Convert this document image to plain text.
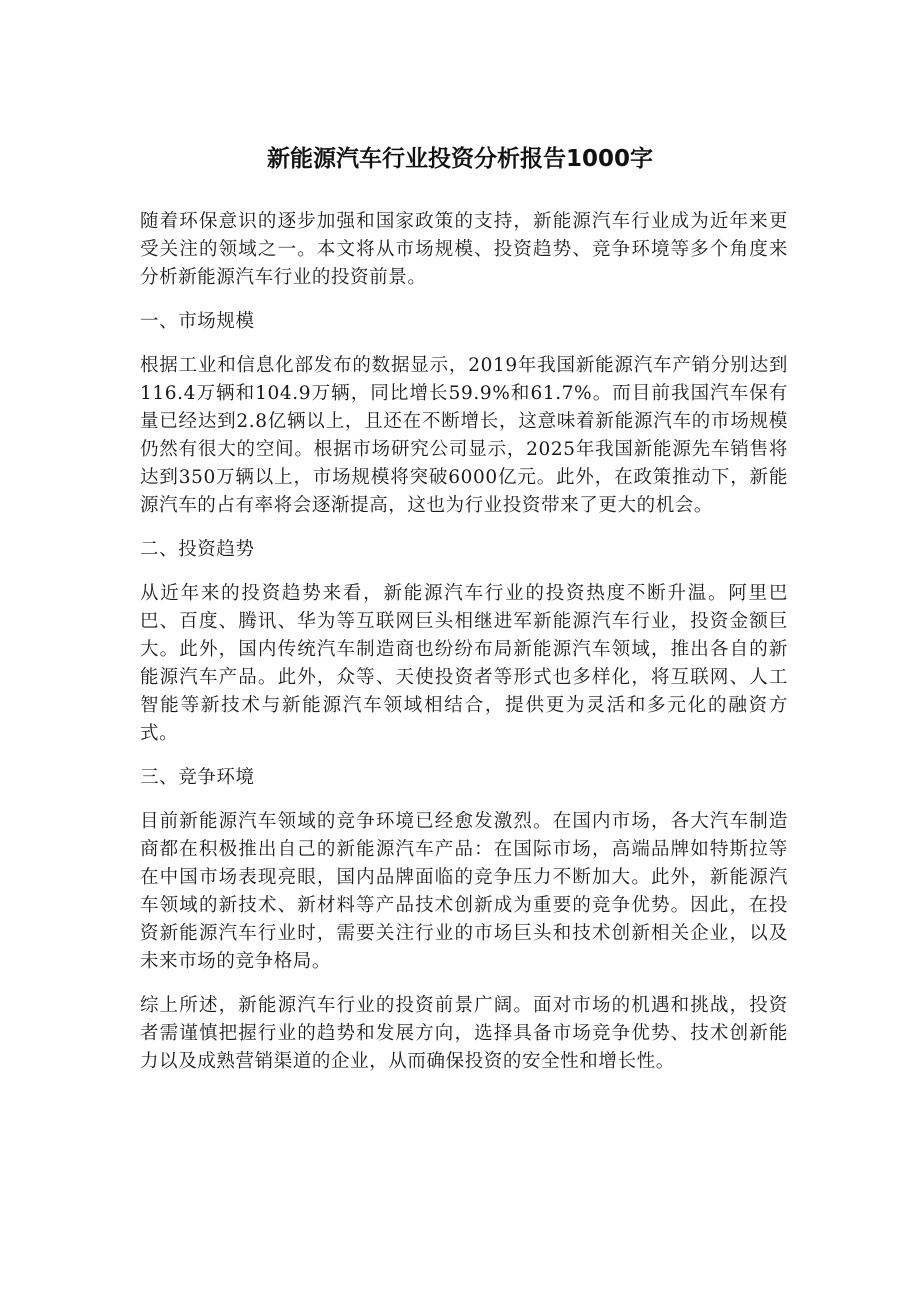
新能源汽车行业投资分析报告1000字

随着环保意识的逐步加强和国家政策的支持，新能源汽车行业成为近年来更受关注的领域之一。本文将从市场规模、投资趋势、竞争环境等多个角度来分析新能源汽车行业的投资前景。

一、市场规模

根据工业和信息化部发布的数据显示，2019年我国新能源汽车产销分别达到116.4万辆和104.9万辆，同比增长59.9%和61.7%。而目前我国汽车保有量已经达到2.8亿辆以上，且还在不断增长，这意味着新能源汽车的市场规模仍然有很大的空间。根据市场研究公司显示，2025年我国新能源先车销售将达到350万辆以上，市场规模将突破6000亿元。此外，在政策推动下，新能源汽车的占有率将会逐渐提高，这也为行业投资带来了更大的机会。

二、投资趋势

从近年来的投资趋势来看，新能源汽车行业的投资热度不断升温。阿里巴巴、百度、腾讯、华为等互联网巨头相继进军新能源汽车行业，投资金额巨大。此外，国内传统汽车制造商也纷纷布局新能源汽车领域，推出各自的新能源汽车产品。此外，众等、天使投资者等形式也多样化，将互联网、人工智能等新技术与新能源汽车领域相结合，提供更为灵活和多元化的融资方式。

三、竞争环境

目前新能源汽车领域的竞争环境已经愈发激烈。在国内市场，各大汽车制造商都在积极推出自己的新能源汽车产品：在国际市场，高端品牌如特斯拉等在中国市场表现亮眼，国内品牌面临的竞争压力不断加大。此外，新能源汽车领域的新技术、新材料等产品技术创新成为重要的竞争优势。因此，在投资新能源汽车行业时，需要关注行业的市场巨头和技术创新相关企业，以及未来市场的竞争格局。

综上所述，新能源汽车行业的投资前景广阔。面对市场的机遇和挑战，投资者需谨慎把握行业的趋势和发展方向，选择具备市场竞争优势、技术创新能力以及成熟营销渠道的企业，从而确保投资的安全性和增长性。
